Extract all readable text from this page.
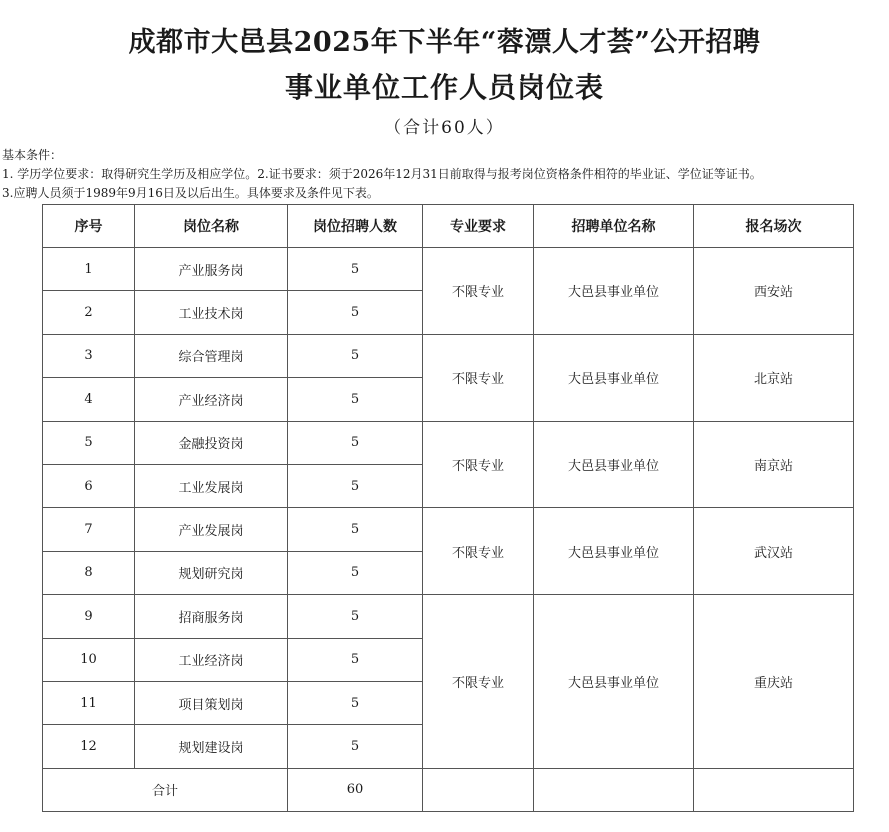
成都市大邑县2025年下半年“蓉漂人才荟”公开招聘
事业单位工作人员岗位表
（合计60人）
基本条件：
1. 学历学位要求：取得研究生学历及相应学位。2.证书要求：须于2026年12月31日前取得与报考岗位资格条件相符的毕业证、学位证等证书。
3.应聘人员须于1989年9月16日及以后出生。具体要求及条件见下表。
序号	岗位名称	岗位招聘人数	专业要求	招聘单位名称	报名场次
1	产业服务岗	5	不限专业	大邑县事业单位	西安站
2	工业技术岗	5			
3	综合管理岗	5	不限专业	大邑县事业单位	北京站
4	产业经济岗	5			
5	金融投资岗	5	不限专业	大邑县事业单位	南京站
6	工业发展岗	5			
7	产业发展岗	5	不限专业	大邑县事业单位	武汉站
8	规划研究岗	5			
9	招商服务岗	5	不限专业	大邑县事业单位	重庆站
10	工业经济岗	5			
11	项目策划岗	5			
12	规划建设岗	5			
合计		60			
